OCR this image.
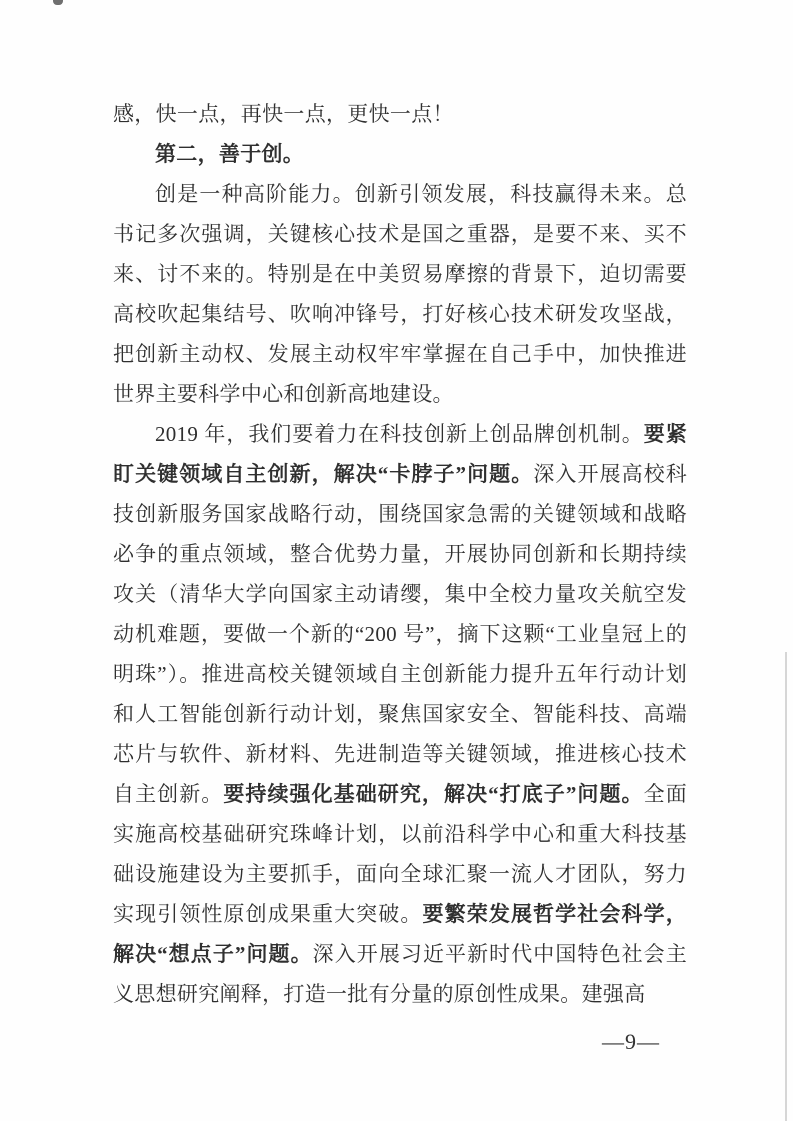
感，快一点，再快一点，更快一点！

第二，善于创。

创是一种高阶能力。创新引领发展，科技赢得未来。总书记多次强调，关键核心技术是国之重器，是要不来、买不来、讨不来的。特别是在中美贸易摩擦的背景下，迫切需要高校吹起集结号、吹响冲锋号，打好核心技术研发攻坚战，把创新主动权、发展主动权牢牢掌握在自己手中，加快推进世界主要科学中心和创新高地建设。

2019 年，我们要着力在科技创新上创品牌创机制。要紧盯关键领域自主创新，解决“卡脖子”问题。深入开展高校科技创新服务国家战略行动，围绕国家急需的关键领域和战略必争的重点领域，整合优势力量，开展协同创新和长期持续攻关（清华大学向国家主动请缨，集中全校力量攻关航空发动机难题，要做一个新的“200 号”，摘下这颗“工业皇冠上的明珠”）。推进高校关键领域自主创新能力提升五年行动计划和人工智能创新行动计划，聚焦国家安全、智能科技、高端芯片与软件、新材料、先进制造等关键领域，推进核心技术自主创新。要持续强化基础研究，解决“打底子”问题。全面实施高校基础研究珠峰计划，以前沿科学中心和重大科技基础设施建设为主要抓手，面向全球汇聚一流人才团队，努力实现引领性原创成果重大突破。要繁荣发展哲学社会科学，解决“想点子”问题。深入开展习近平新时代中国特色社会主义思想研究阐释，打造一批有分量的原创性成果。建强高

—9—
